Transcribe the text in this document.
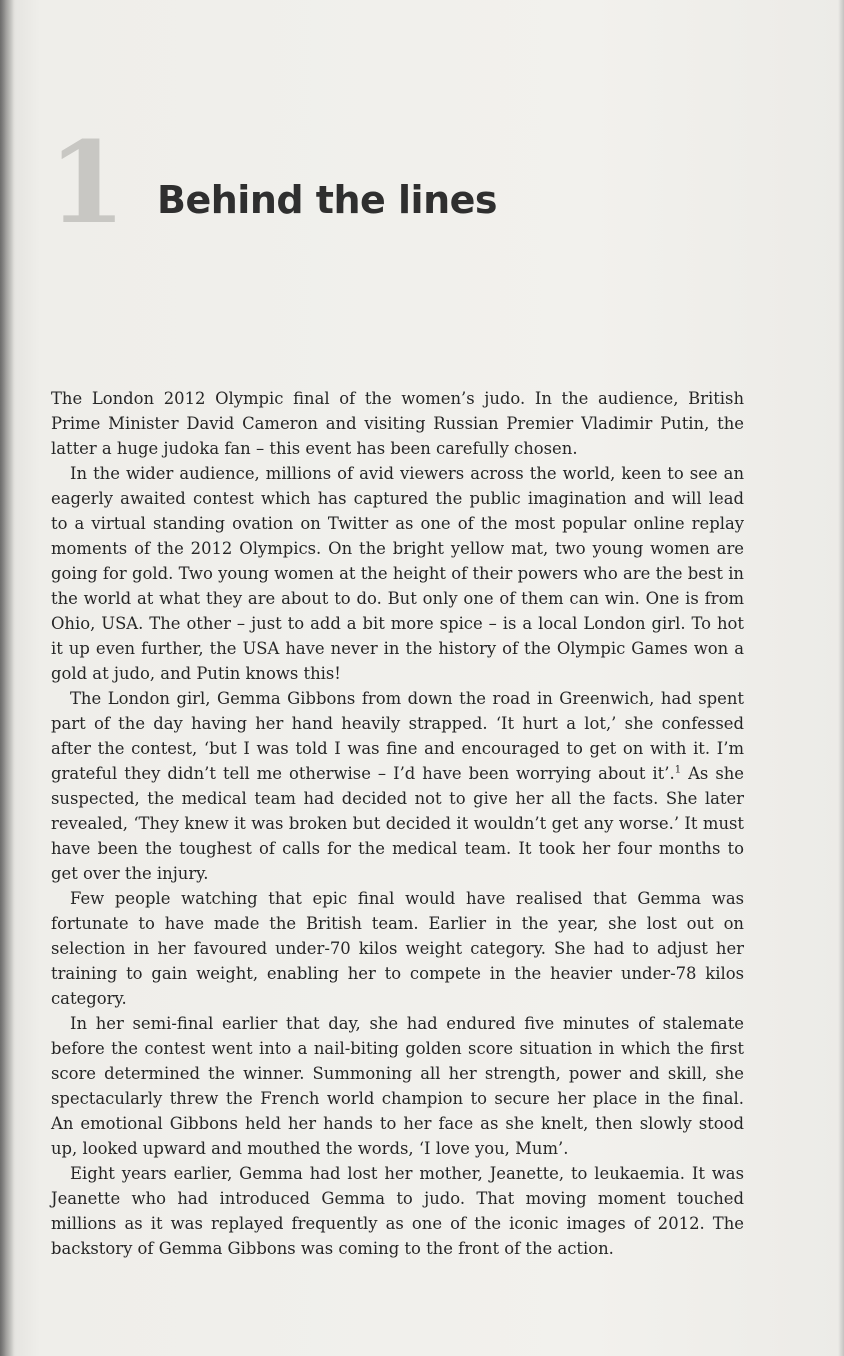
1 Behind the lines

The London 2012 Olympic final of the women’s judo. In the audience, British Prime Minister David Cameron and visiting Russian Premier Vladimir Putin, the latter a huge judoka fan – this event has been carefully chosen.

In the wider audience, millions of avid viewers across the world, keen to see an eagerly awaited contest which has captured the public imagination and will lead to a virtual standing ovation on Twitter as one of the most popular online replay moments of the 2012 Olympics. On the bright yellow mat, two young women are going for gold. Two young women at the height of their powers who are the best in the world at what they are about to do. But only one of them can win. One is from Ohio, USA. The other – just to add a bit more spice – is a local London girl. To hot it up even further, the USA have never in the history of the Olympic Games won a gold at judo, and Putin knows this!

The London girl, Gemma Gibbons from down the road in Greenwich, had spent part of the day having her hand heavily strapped. ‘It hurt a lot,’ she confessed after the contest, ‘but I was told I was fine and encouraged to get on with it. I’m grateful they didn’t tell me otherwise – I’d have been worrying about it’.$^1$ As she suspected, the medical team had decided not to give her all the facts. She later revealed, ‘They knew it was broken but decided it wouldn’t get any worse.’ It must have been the toughest of calls for the medical team. It took her four months to get over the injury.

Few people watching that epic final would have realised that Gemma was fortunate to have made the British team. Earlier in the year, she lost out on selection in her favoured under-70 kilos weight category. She had to adjust her training to gain weight, enabling her to compete in the heavier under-78 kilos category.

In her semi-final earlier that day, she had endured five minutes of stalemate before the contest went into a nail-biting golden score situation in which the first score determined the winner. Summoning all her strength, power and skill, she spectacularly threw the French world champion to secure her place in the final. An emotional Gibbons held her hands to her face as she knelt, then slowly stood up, looked upward and mouthed the words, ‘I love you, Mum’.

Eight years earlier, Gemma had lost her mother, Jeanette, to leukaemia. It was Jeanette who had introduced Gemma to judo. That moving moment touched millions as it was replayed frequently as one of the iconic images of 2012. The backstory of Gemma Gibbons was coming to the front of the action.
